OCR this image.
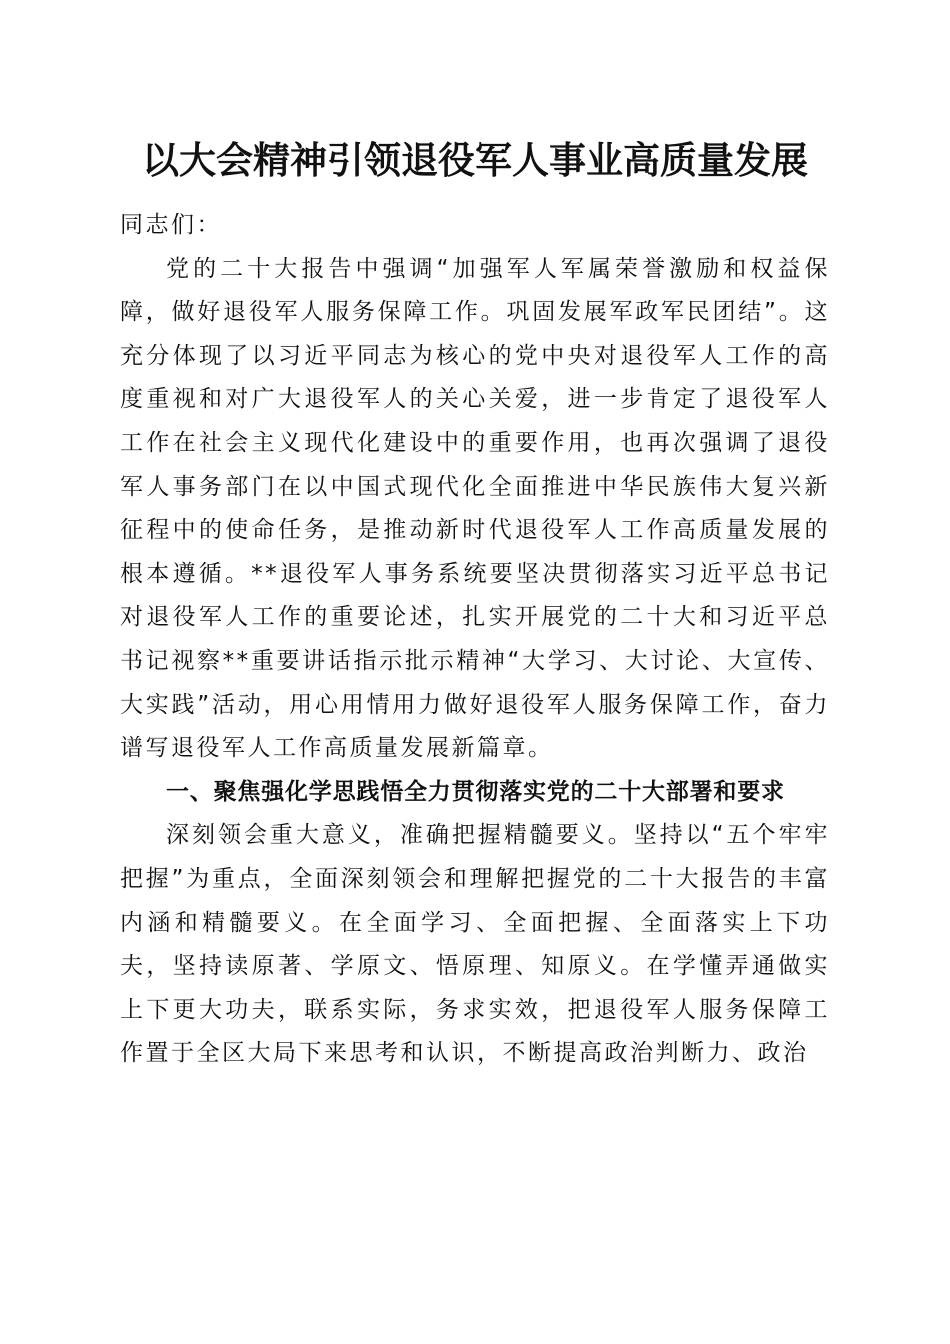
以大会精神引领退役军人事业高质量发展

同志们：

党的二十大报告中强调“加强军人军属荣誉激励和权益保障，做好退役军人服务保障工作。巩固发展军政军民团结”。这充分体现了以习近平同志为核心的党中央对退役军人工作的高度重视和对广大退役军人的关心关爱，进一步肯定了退役军人工作在社会主义现代化建设中的重要作用，也再次强调了退役军人事务部门在以中国式现代化全面推进中华民族伟大复兴新征程中的使命任务，是推动新时代退役军人工作高质量发展的根本遵循。**退役军人事务系统要坚决贯彻落实习近平总书记对退役军人工作的重要论述，扎实开展党的二十大和习近平总书记视察**重要讲话指示批示精神“大学习、大讨论、大宣传、大实践”活动，用心用情用力做好退役军人服务保障工作，奋力谱写退役军人工作高质量发展新篇章。

一、聚焦强化学思践悟全力贯彻落实党的二十大部署和要求

深刻领会重大意义，准确把握精髓要义。坚持以“五个牢牢把握”为重点，全面深刻领会和理解把握党的二十大报告的丰富内涵和精髓要义。在全面学习、全面把握、全面落实上下功夫，坚持读原著、学原文、悟原理、知原义。在学懂弄通做实上下更大功夫，联系实际，务求实效，把退役军人服务保障工作置于全区大局下来思考和认识，不断提高政治判断力、政治
